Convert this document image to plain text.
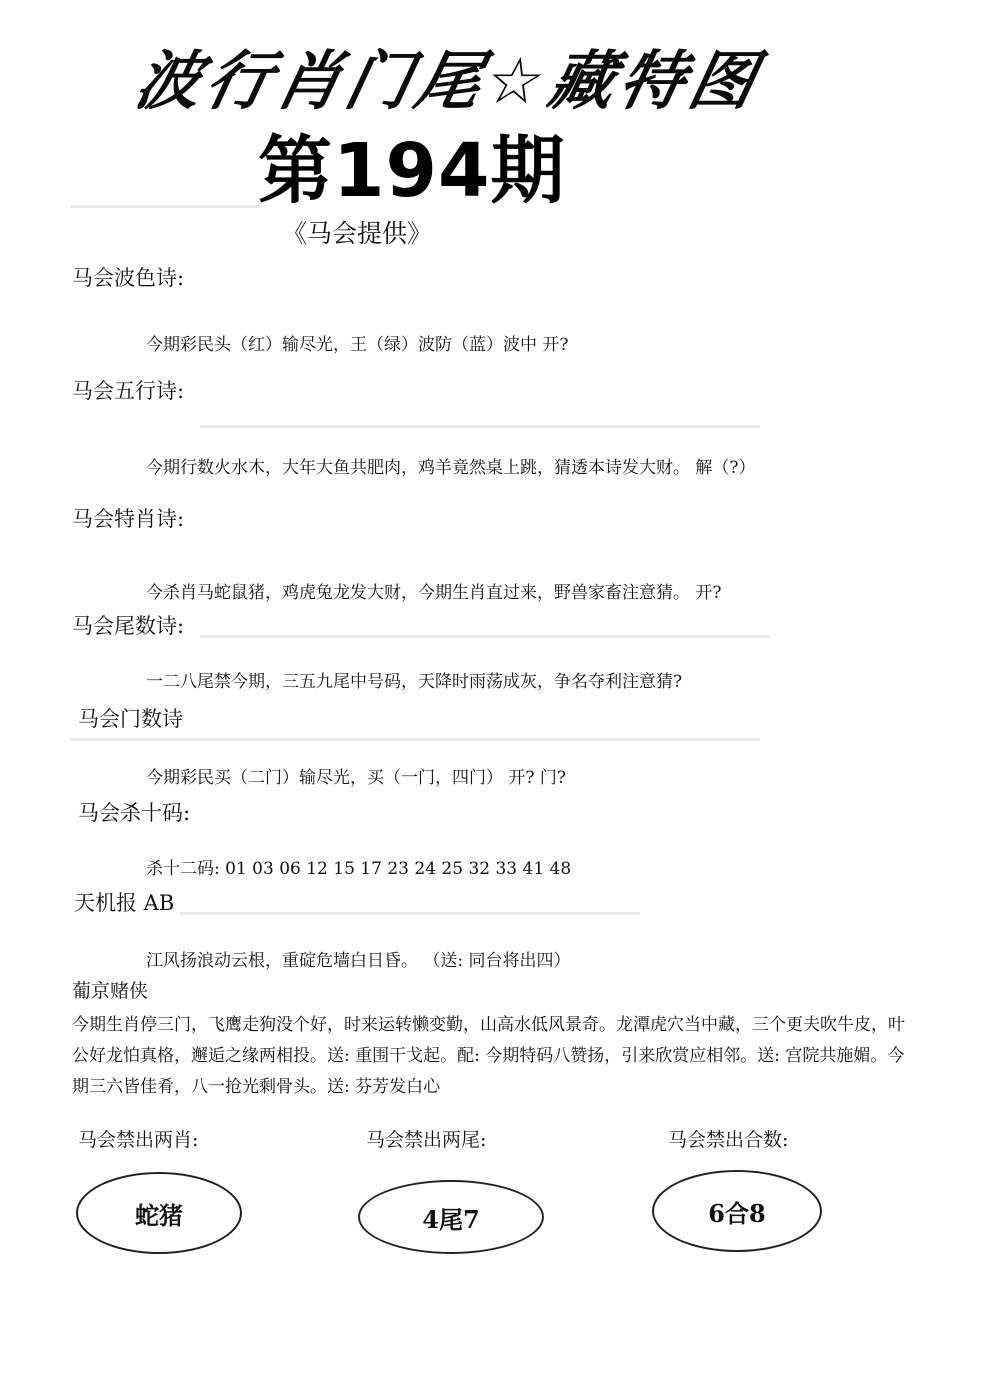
波行肖门尾☆藏特图
第194期
《马会提供》
马会波色诗:
今期彩民头（红）输尽光，王（绿）波防（蓝）波中 开?
马会五行诗:
今期行数火水木，大年大鱼共肥肉，鸡羊竟然桌上跳，猜透本诗发大财。 解（?）
马会特肖诗:
今杀肖马蛇鼠猪，鸡虎兔龙发大财，今期生肖直过来，野兽家畜注意猜。 开?
马会尾数诗:
一二八尾禁今期，三五九尾中号码，天降时雨荡成灰，争名夺利注意猜?
马会门数诗
今期彩民买（二门）输尽光，买（一门，四门） 开? 门?
马会杀十码:
杀十二码: 01 03 06 12 15 17 23 24 25 32 33 41 48
天机报 AB
江风扬浪动云根，重碇危墙白日昏。 （送: 同台将出四）
葡京赌侠
今期生肖停三门，飞鹰走狗没个好，时来运转懒变勤，山高水低风景奇。龙潭虎穴当中藏，三个更夫吹牛皮，叶公好龙怕真格，邂逅之缘两相投。送: 重围干戈起。配: 今期特码八赞扬，引来欣赏应相邻。送: 宫院共施媚。今期三六皆佳肴，八一抢光剩骨头。送: 芬芳发白心
马会禁出两肖:	马会禁出两尾:	马会禁出合数:
蛇猪	4尾7	6合8
